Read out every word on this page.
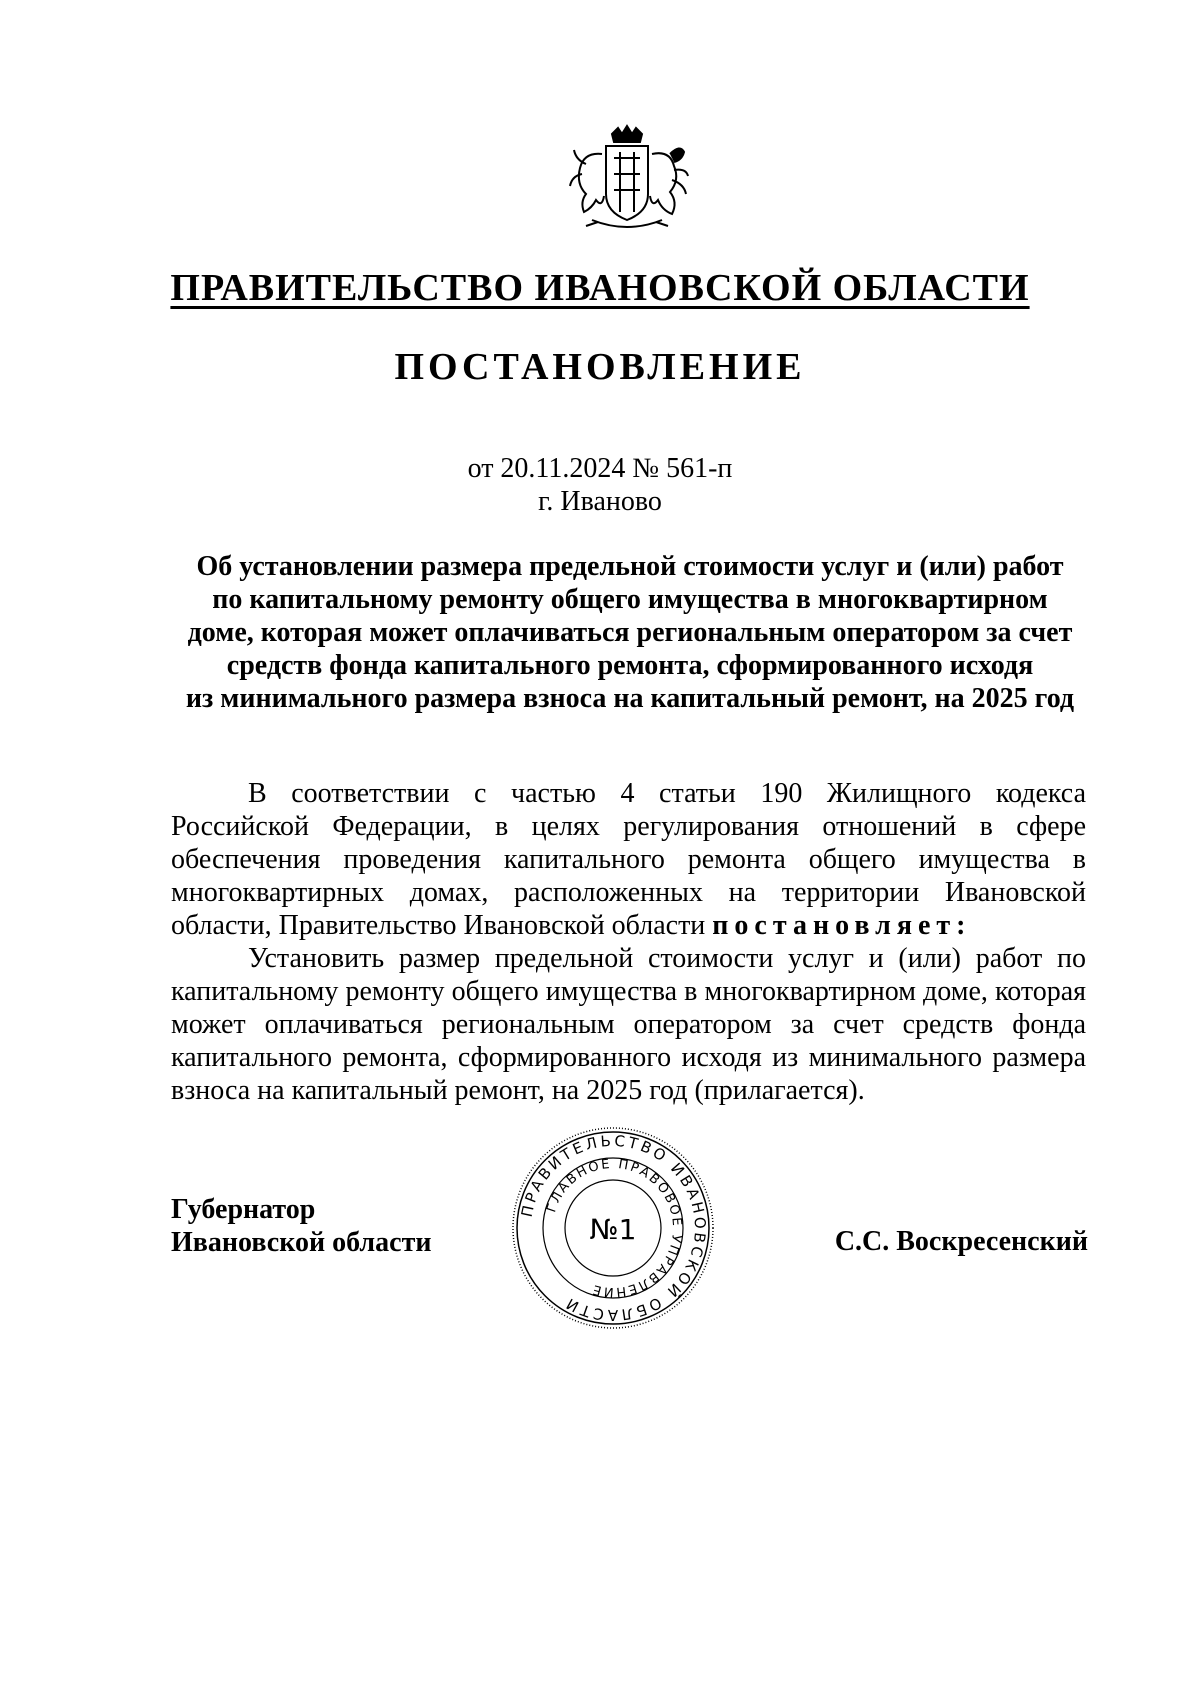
ПРАВИТЕЛЬСТВО ИВАНОВСКОЙ ОБЛАСТИ
ПОСТАНОВЛЕНИЕ
от 20.11.2024 № 561-п
г. Иваново
Об установлении размера предельной стоимости услуг и (или) работ
по капитальному ремонту общего имущества в многоквартирном
доме, которая может оплачиваться региональным оператором за счет
средств фонда капитального ремонта, сформированного исходя
из минимального размера взноса на капитальный ремонт, на 2025 год

В соответствии с частью 4 статьи 190 Жилищного кодекса Российской Федерации, в целях регулирования отношений в сфере обеспечения проведения капитального ремонта общего имущества в многоквартирных домах, расположенных на территории Ивановской области, Правительство Ивановской области постановляет:

Установить размер предельной стоимости услуг и (или) работ по капитальному ремонту общего имущества в многоквартирном доме, которая может оплачиваться региональным оператором за счет средств фонда капитального ремонта, сформированного исходя из минимального размера взноса на капитальный ремонт, на 2025 год (прилагается).

Губернатор
Ивановской области	С.С. Воскресенский
ПРАВИТЕЛЬСТВО ИВАНОВСКОЙ ОБЛАСТИ
ГЛАВНОЕ ПРАВОВОЕ УПРАВЛЕНИЕ
№1
